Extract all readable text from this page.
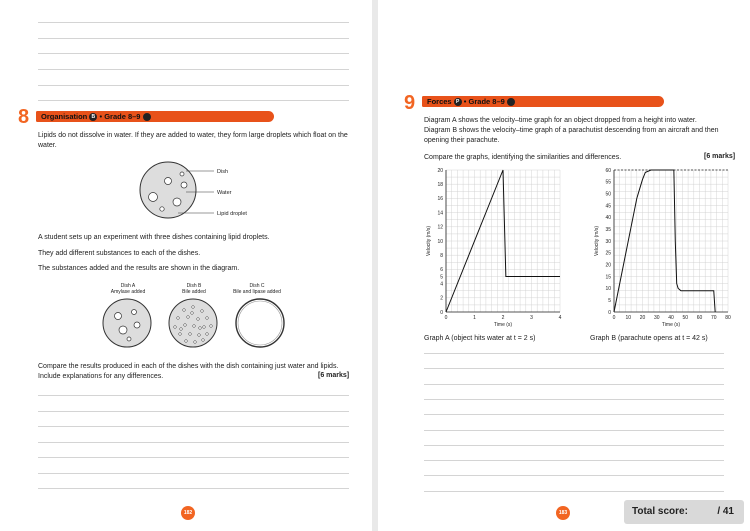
8 Organisation B • Grade 8–9
Lipids do not dissolve in water. If they are added to water, they form large droplets which float on the water.
Dish
Water
Lipid droplet
A student sets up an experiment with three dishes containing lipid droplets.
They add different substances to each of the dishes.
The substances added and the results are shown in the diagram.
Dish A
Amylase added
Dish B
Bile added
Dish C
Bile and lipase added
Compare the results produced in each of the dishes with the dish containing just water and lipids. Include explanations for any differences.	[6 marks]
182
9 Forces P • Grade 8–9
Diagram A shows the velocity–time graph for an object dropped from a height into water.
Diagram B shows the velocity–time graph of a parachutist descending from an aircraft and then opening their parachute.
Compare the graphs, identifying the similarities and differences.	[6 marks]
0	1	2	3	4
0
2
4
5
6
8
10
12
14
16
18
20
Time (s)
Velocity (m/s)
0 10 20 30 40 50 60 70 80
0
5
10
15
20
25
30
35
40
45
50
55
60
Time (s)
Velocity (m/s)
Graph A (object hits water at t = 2 s)	Graph B (parachute opens at t = 42 s)
183	Total score:	/ 41
